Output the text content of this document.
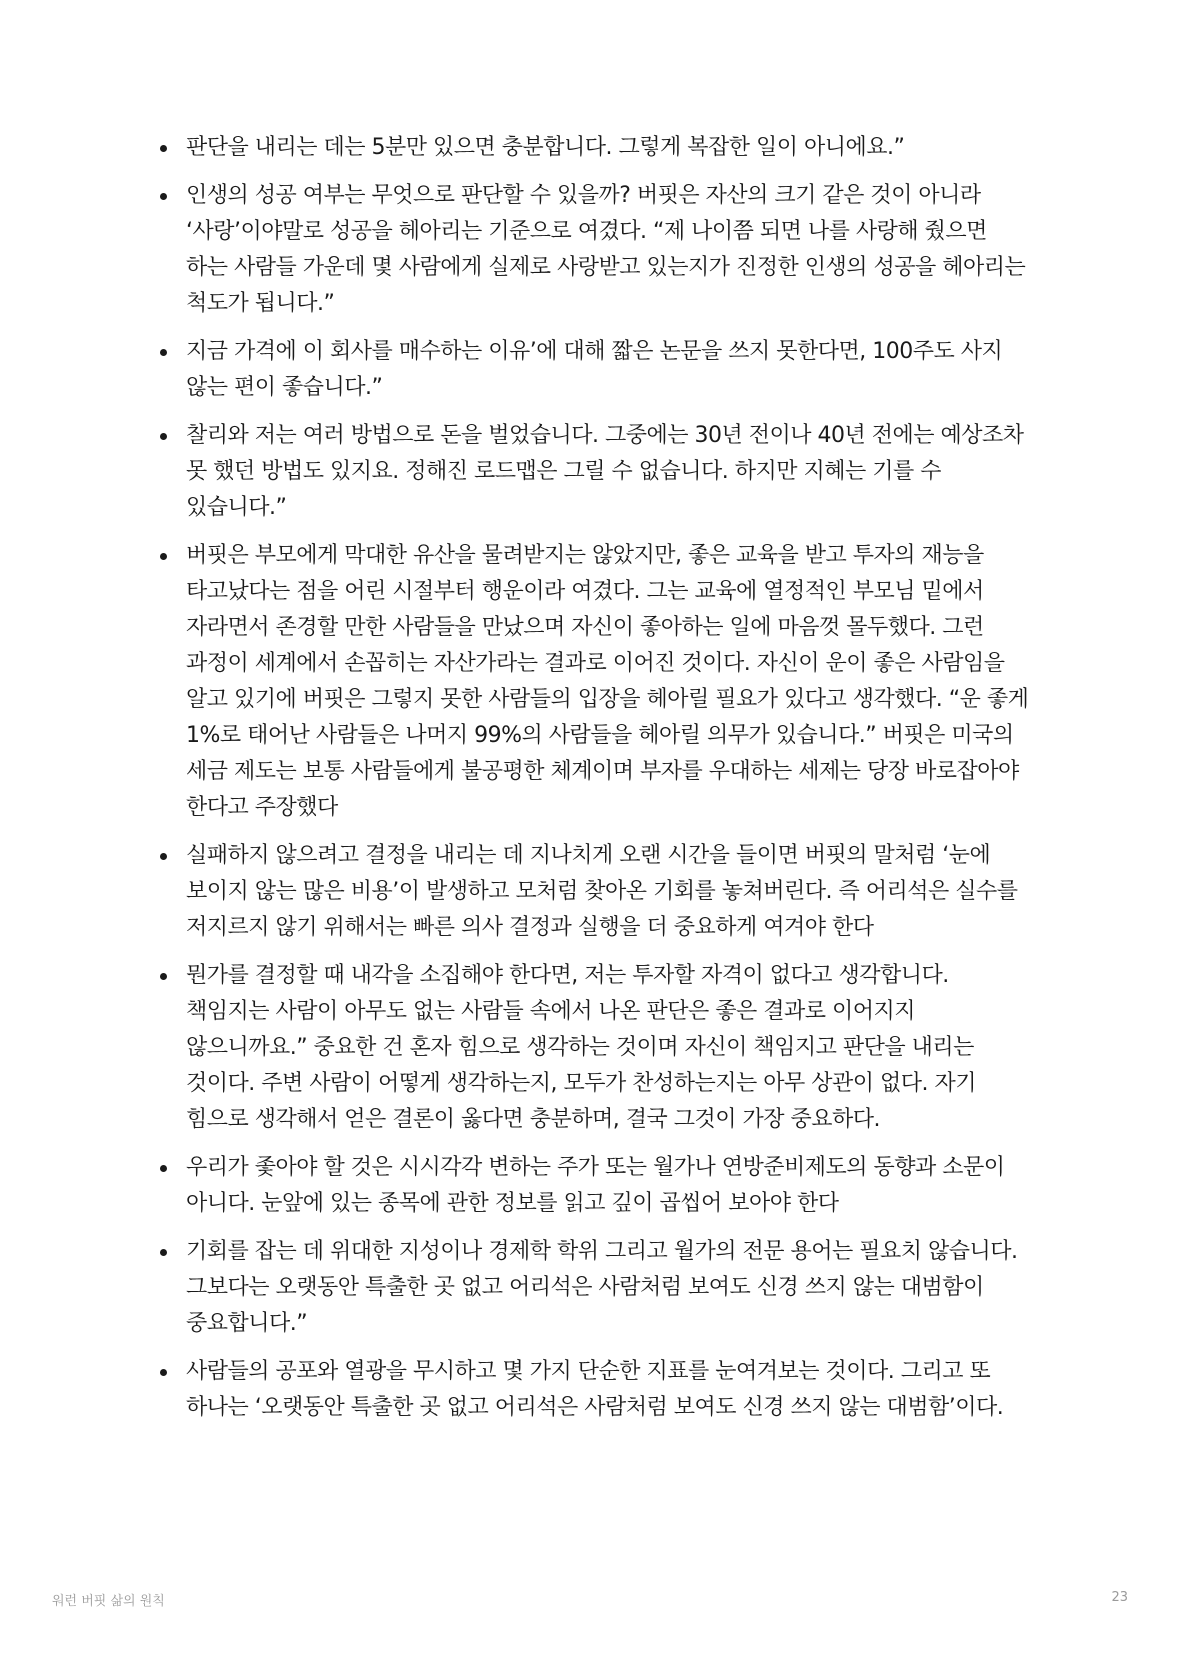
판단을 내리는 데는 5분만 있으면 충분합니다. 그렇게 복잡한 일이 아니에요.”
인생의 성공 여부는 무엇으로 판단할 수 있을까? 버핏은 자산의 크기 같은 것이 아니라 ‘사랑’이야말로 성공을 헤아리는 기준으로 여겼다. “제 나이쯤 되면 나를 사랑해 줬으면 하는 사람들 가운데 몇 사람에게 실제로 사랑받고 있는지가 진정한 인생의 성공을 헤아리는 척도가 됩니다.”
지금 가격에 이 회사를 매수하는 이유’에 대해 짧은 논문을 쓰지 못한다면, 100주도 사지 않는 편이 좋습니다.”
찰리와 저는 여러 방법으로 돈을 벌었습니다. 그중에는 30년 전이나 40년 전에는 예상조차 못 했던 방법도 있지요. 정해진 로드맵은 그릴 수 없습니다. 하지만 지혜는 기를 수 있습니다.”
버핏은 부모에게 막대한 유산을 물려받지는 않았지만, 좋은 교육을 받고 투자의 재능을 타고났다는 점을 어린 시절부터 행운이라 여겼다. 그는 교육에 열정적인 부모님 밑에서 자라면서 존경할 만한 사람들을 만났으며 자신이 좋아하는 일에 마음껏 몰두했다. 그런 과정이 세계에서 손꼽히는 자산가라는 결과로 이어진 것이다. 자신이 운이 좋은 사람임을 알고 있기에 버핏은 그렇지 못한 사람들의 입장을 헤아릴 필요가 있다고 생각했다. “운 좋게 1%로 태어난 사람들은 나머지 99%의 사람들을 헤아릴 의무가 있습니다.” 버핏은 미국의 세금 제도는 보통 사람들에게 불공평한 체계이며 부자를 우대하는 세제는 당장 바로잡아야 한다고 주장했다
실패하지 않으려고 결정을 내리는 데 지나치게 오랜 시간을 들이면 버핏의 말처럼 ‘눈에 보이지 않는 많은 비용’이 발생하고 모처럼 찾아온 기회를 놓쳐버린다. 즉 어리석은 실수를 저지르지 않기 위해서는 빠른 의사 결정과 실행을 더 중요하게 여겨야 한다
뭔가를 결정할 때 내각을 소집해야 한다면, 저는 투자할 자격이 없다고 생각합니다. 책임지는 사람이 아무도 없는 사람들 속에서 나온 판단은 좋은 결과로 이어지지 않으니까요.” 중요한 건 혼자 힘으로 생각하는 것이며 자신이 책임지고 판단을 내리는 것이다. 주변 사람이 어떻게 생각하는지, 모두가 찬성하는지는 아무 상관이 없다. 자기 힘으로 생각해서 얻은 결론이 옳다면 충분하며, 결국 그것이 가장 중요하다.
우리가 좇아야 할 것은 시시각각 변하는 주가 또는 월가나 연방준비제도의 동향과 소문이 아니다. 눈앞에 있는 종목에 관한 정보를 읽고 깊이 곱씹어 보아야 한다
기회를 잡는 데 위대한 지성이나 경제학 학위 그리고 월가의 전문 용어는 필요치 않습니다. 그보다는 오랫동안 특출한 곳 없고 어리석은 사람처럼 보여도 신경 쓰지 않는 대범함이 중요합니다.”
사람들의 공포와 열광을 무시하고 몇 가지 단순한 지표를 눈여겨보는 것이다. 그리고 또 하나는 ‘오랫동안 특출한 곳 없고 어리석은 사람처럼 보여도 신경 쓰지 않는 대범함’이다.
워런 버핏 삶의 원칙	23
